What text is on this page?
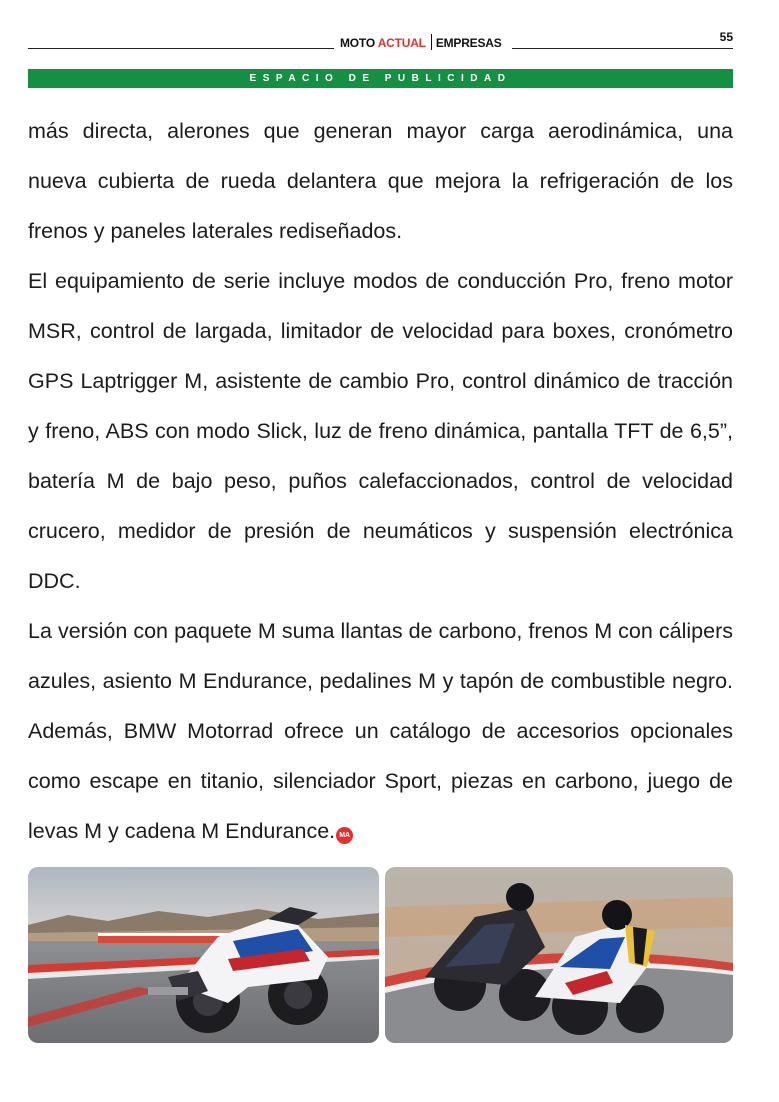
MOTO ACTUAL EMPRESAS	55
ESPACIO DE PUBLICIDAD

más directa, alerones que generan mayor carga aerodinámica, una nueva cubierta de rueda delantera que mejora la refrigeración de los frenos y paneles laterales rediseñados.

El equipamiento de serie incluye modos de conducción Pro, freno motor MSR, control de largada, limitador de velocidad para boxes, cronómetro GPS Laptrigger M, asistente de cambio Pro, control dinámico de tracción y freno, ABS con modo Slick, luz de freno dinámica, pantalla TFT de 6,5”, batería M de bajo peso, puños calefaccionados, control de velocidad crucero, medidor de presión de neumáticos y suspensión electrónica DDC.

La versión con paquete M suma llantas de carbono, frenos M con cálipers azules, asiento M Endurance, pedalines M y tapón de combustible negro. Además, BMW Motorrad ofrece un catálogo de accesorios opcionales como escape en titanio, silenciador Sport, piezas en carbono, juego de levas M y cadena M Endurance. MA
